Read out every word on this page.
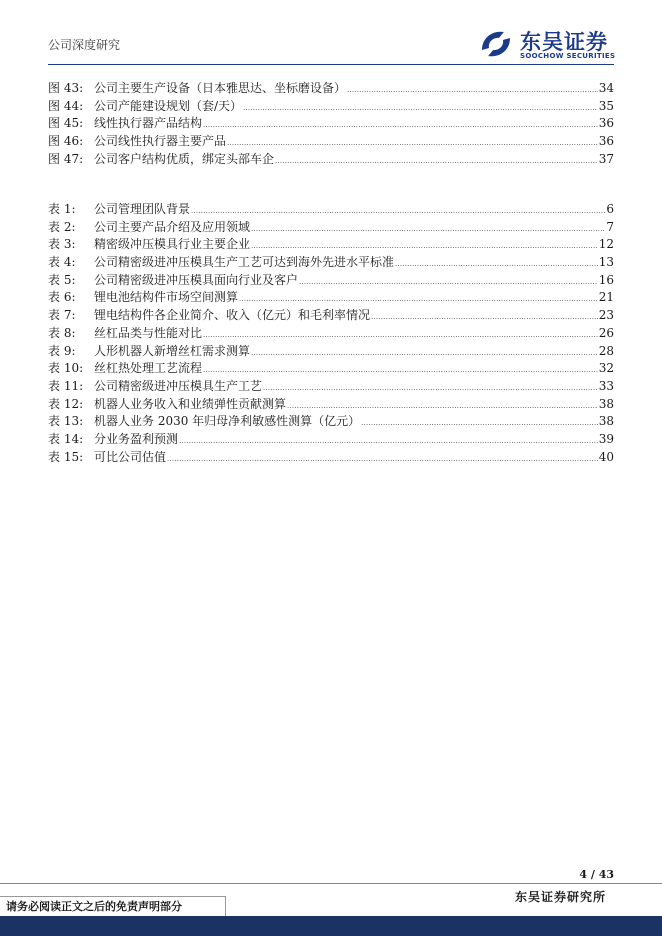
公司深度研究	东吴证券
SOOCHOW SECURITIES
图 43: 公司主要生产设备（日本雅思达、坐标磨设备） .....	34
图 44: 公司产能建设规划（套/天） .....	35
图 45: 线性执行器产品结构 .....	36
图 46: 公司线性执行器主要产品 .....	36
图 47: 公司客户结构优质，绑定头部车企 .....	37
表 1:	公司管理团队背景 .....	6
表 2:	公司主要产品介绍及应用领域 .....	7
表 3:	精密级冲压模具行业主要企业 .....	12
表 4:	公司精密级进冲压模具生产工艺可达到海外先进水平标准 .....	13
表 5:	公司精密级进冲压模具面向行业及客户 .....	16
表 6:	锂电池结构件市场空间测算 .....	21
表 7:	锂电结构件各企业简介、收入（亿元）和毛利率情况 .....	23
表 8:	丝杠品类与性能对比 .....	26
表 9:	人形机器人新增丝杠需求测算 .....	28
表 10: 丝杠热处理工艺流程 .....	32
表 11: 公司精密级进冲压模具生产工艺 .....	33
表 12: 机器人业务收入和业绩弹性贡献测算 .....	38
表 13: 机器人业务 2030 年归母净利敏感性测算（亿元） .....	38
表 14: 分业务盈利预测 .....	39
表 15: 可比公司估值 .....	40
4 / 43
东吴证券研究所
请务必阅读正文之后的免责声明部分
